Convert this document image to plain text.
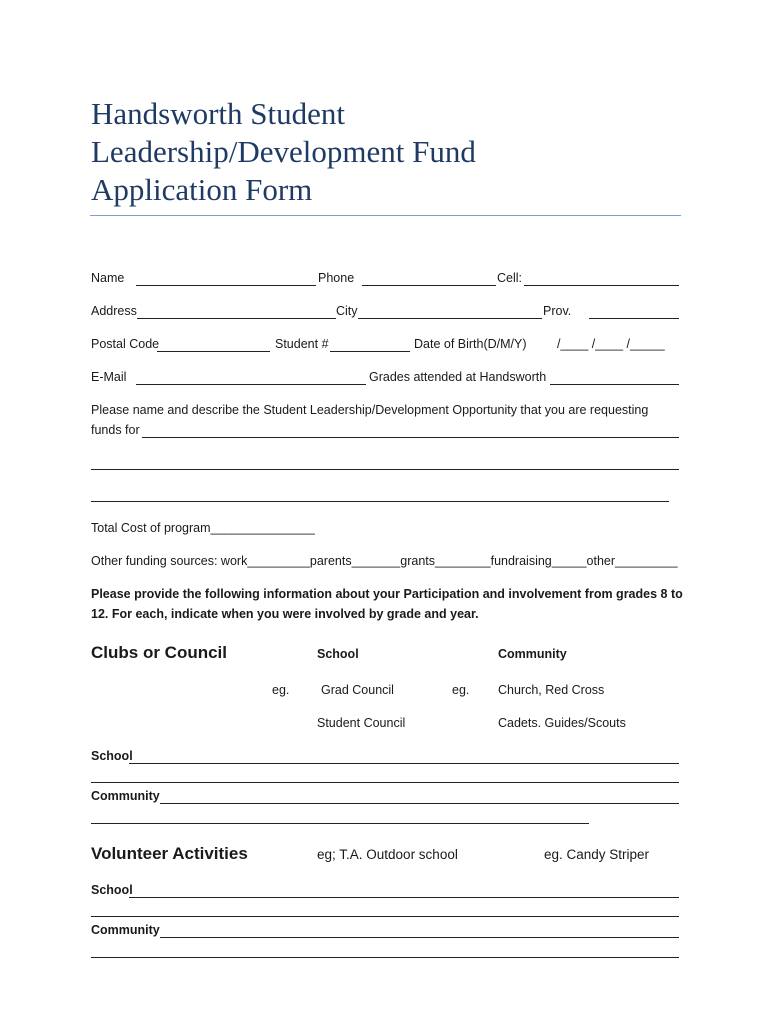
Handsworth Student
Leadership/Development Fund
Application Form
Name	Phone	Cell:
Address	City	Prov.
Postal Code	Student #	Date of Birth(D/M/Y) /____ /____ /_____
E-Mail	Grades attended at Handsworth
Please name and describe the Student Leadership/Development Opportunity that you are requesting
funds for
Total Cost of program_______________
Other funding sources: work_________parents_______grants________fundraising_____other_________
Please provide the following information about your Participation and involvement from grades 8 to
12. For each, indicate when you were involved by grade and year.
Clubs or Council	School	Community
eg.	Grad Council	eg. Church, Red Cross
Student Council	Cadets. Guides/Scouts
School
Community
Volunteer Activities	eg; T.A. Outdoor school	eg. Candy Striper
School
Community
